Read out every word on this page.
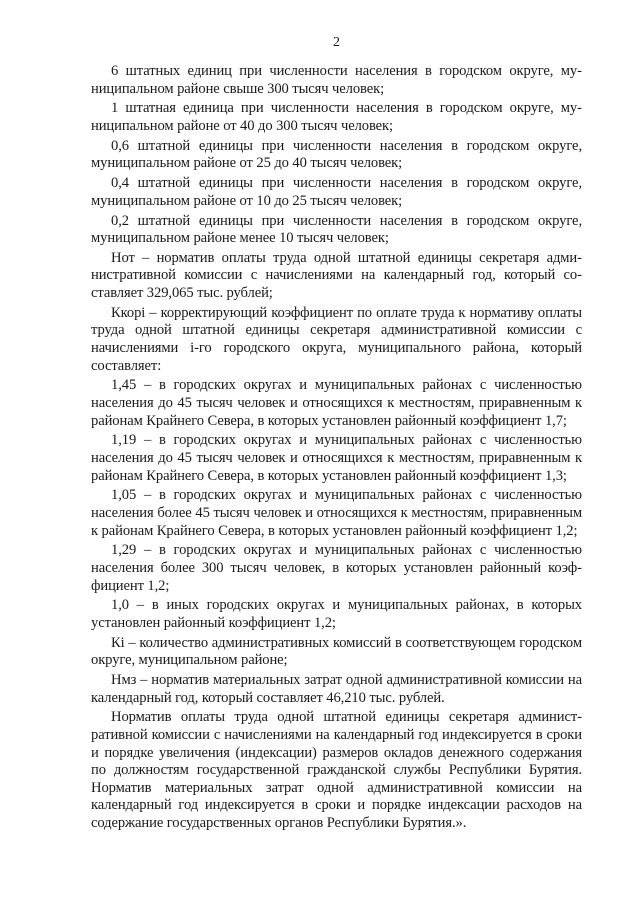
2

6 штатных единиц при численности населения в городском округе, муниципальном районе свыше 300 тысяч человек;

1 штатная единица при численности населения в городском округе, муниципальном районе от 40 до 300 тысяч человек;

0,6 штатной единицы при численности населения в городском округе, муниципальном районе от 25 до 40 тысяч человек;

0,4 штатной единицы при численности населения в городском округе, муниципальном районе от 10 до 25 тысяч человек;

0,2 штатной единицы при численности населения в городском округе, муниципальном районе менее 10 тысяч человек;

Нот – норматив оплаты труда одной штатной единицы секретаря административной комиссии с начислениями на календарный год, который составляет 329,065 тыс. рублей;

Ккорі – корректирующий коэффициент по оплате труда к нормативу оплаты труда одной штатной единицы секретаря административной комиссии с начислениями і-го городского округа, муниципального района, который составляет:

1,45 – в городских округах и муниципальных районах с численностью населения до 45 тысяч человек и относящихся к местностям, приравненным к районам Крайнего Севера, в которых установлен районный коэффициент 1,7;

1,19 – в городских округах и муниципальных районах с численностью населения до 45 тысяч человек и относящихся к местностям, приравненным к районам Крайнего Севера, в которых установлен районный коэффициент 1,3;

1,05 – в городских округах и муниципальных районах с численностью населения более 45 тысяч человек и относящихся к местностям, приравненным к районам Крайнего Севера, в которых установлен районный коэффициент 1,2;

1,29 – в городских округах и муниципальных районах с численностью населения более 300 тысяч человек, в которых установлен районный коэффициент 1,2;

1,0 – в иных городских округах и муниципальных районах, в которых установлен районный коэффициент 1,2;

Кі – количество административных комиссий в соответствующем городском округе, муниципальном районе;

Нмз – норматив материальных затрат одной административной комиссии на календарный год, который составляет 46,210 тыс. рублей.

Норматив оплаты труда одной штатной единицы секретаря административной комиссии с начислениями на календарный год индексируется в сроки и порядке увеличения (индексации) размеров окладов денежного содержания по должностям государственной гражданской службы Республики Бурятия. Норматив материальных затрат одной административной комиссии на календарный год индексируется в сроки и порядке индексации расходов на содержание государственных органов Республики Бурятия.».
